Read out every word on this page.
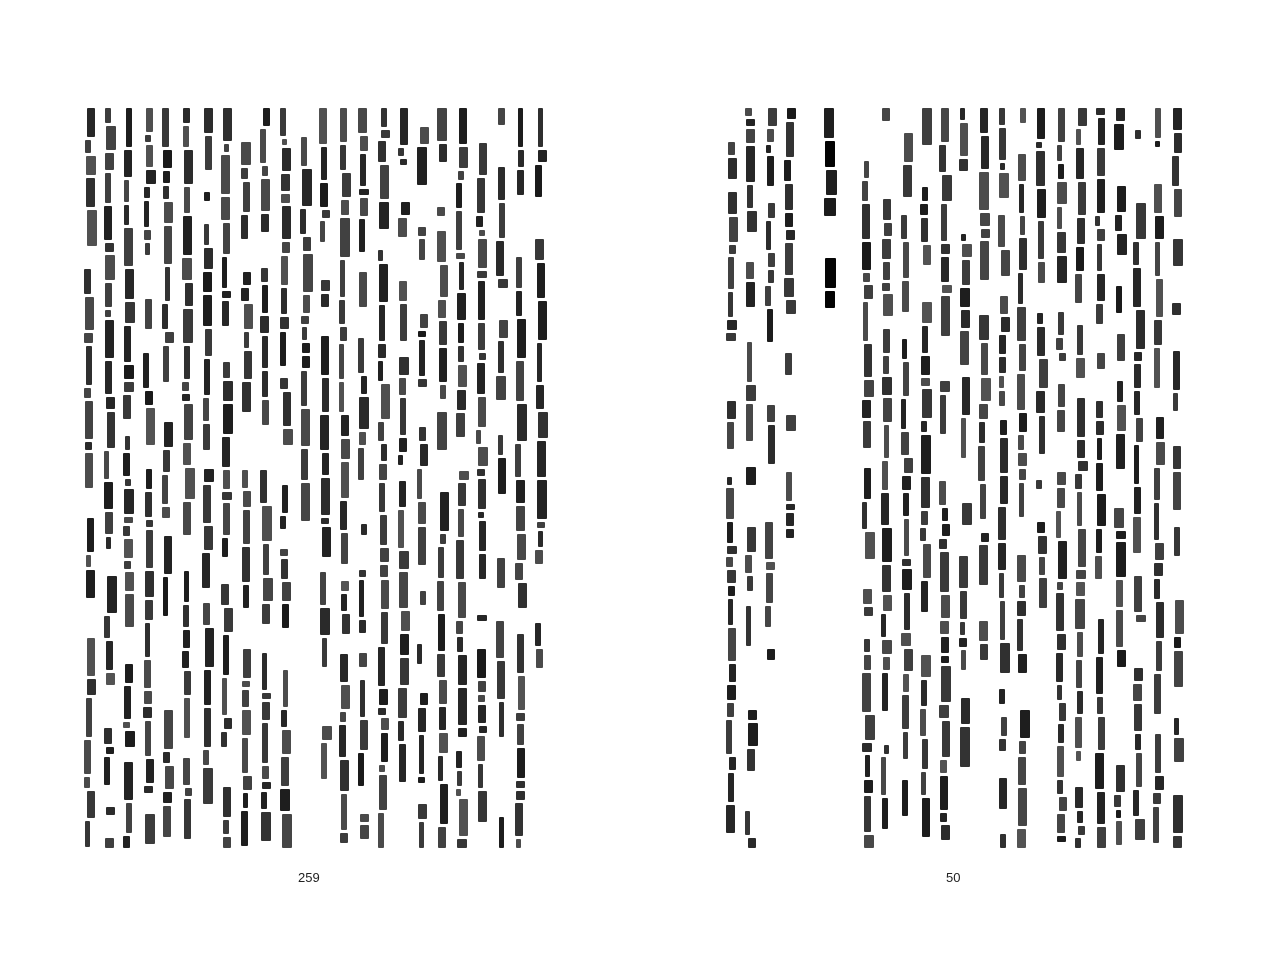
259	50
